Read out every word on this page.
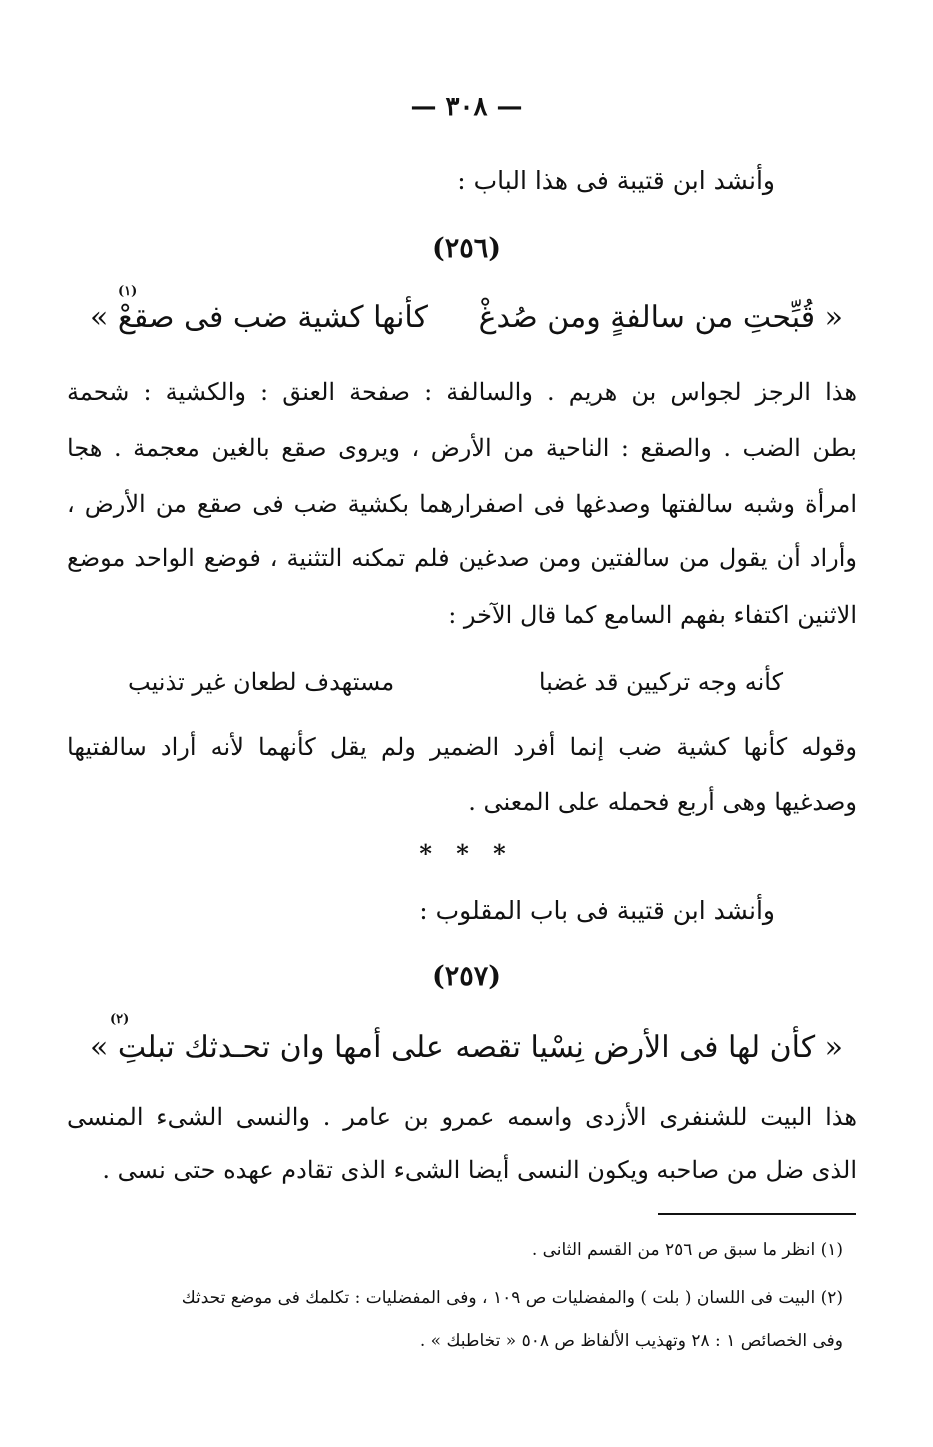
— ٣٠٨ —
وأنشد ابن قتيبة فى هذا الباب :
(٢٥٦)
« قُبِّحتِ من سالفةٍ ومن صُدغْ
كأنها كشية ضب فى صقعْ »
(١)
هذا الرجز لجواس بن هريم . والسالفة : صفحة العنق : والكشية : شحمة
بطن الضب . والصقع : الناحية من الأرض ، ويروى صقع بالغين معجمة . هجا
امرأة وشبه سالفتها وصدغها فى اصفرارهما بكشية ضب فى صقع من الأرض ،
وأراد أن يقول من سالفتين ومن صدغين فلم تمكنه التثنية ، فوضع الواحد موضع
الاثنين اكتفاء بفهم السامع كما قال الآخر :
كأنه وجه تركيين قد غضبا
مستهدف لطعان غير تذنيب
وقوله كأنها كشية ضب إنما أفرد الضمير ولم يقل كأنهما لأنه أراد سالفتيها
وصدغيها وهى أربع فحمله على المعنى .
* * *
وأنشد ابن قتيبة فى باب المقلوب :
(٢٥٧)
« كأن لها فى الأرض نِسْيا تقصه
على أمها وان تحـدثك تبلتِ »
(٢)
هذا البيت للشنفرى الأزدى واسمه عمرو بن عامر . والنسى الشىء المنسى
الذى ضل من صاحبه ويكون النسى أيضا الشىء الذى تقادم عهده حتى نسى .
(١) انظر ما سبق ص ٢٥٦ من القسم الثانى .
(٢) البيت فى اللسان ( بلت ) والمفضليات ص ١٠٩ ، وفى المفضليات : تكلمك فى موضع تحدثك
وفى الخصائص ١ : ٢٨ وتهذيب الألفاظ ص ٥٠٨ « تخاطبك » .
